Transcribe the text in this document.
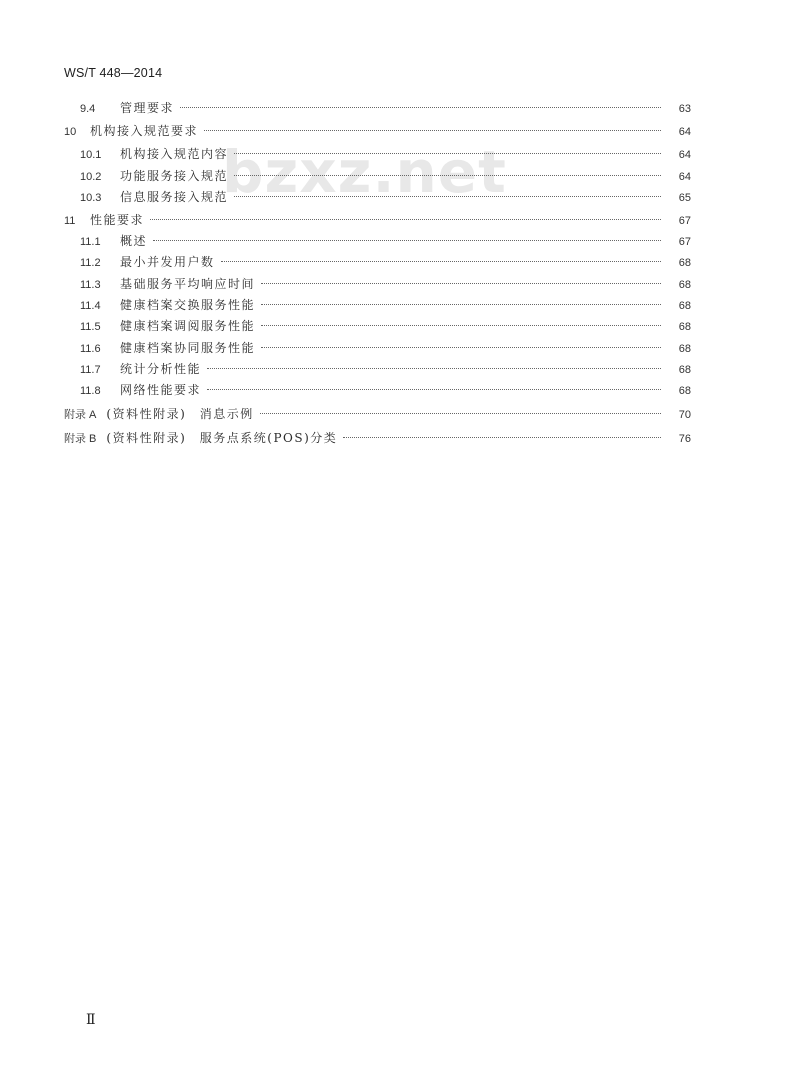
WS/T 448—2014
bzxz.net
9.4	管理要求	63
10	机构接入规范要求	64
10.1	机构接入规范内容	64
10.2	功能服务接入规范	64
10.3	信息服务接入规范	65
11	性能要求	67
11.1	概述	67
11.2	最小并发用户数	68
11.3	基础服务平均响应时间	68
11.4	健康档案交换服务性能	68
11.5	健康档案调阅服务性能	68
11.6	健康档案协同服务性能	68
11.7	统计分析性能	68
11.8	网络性能要求	68
附录 A (资料性附录)　消息示例	70
附录 B (资料性附录)　服务点系统(POS)分类	76
Ⅱ
